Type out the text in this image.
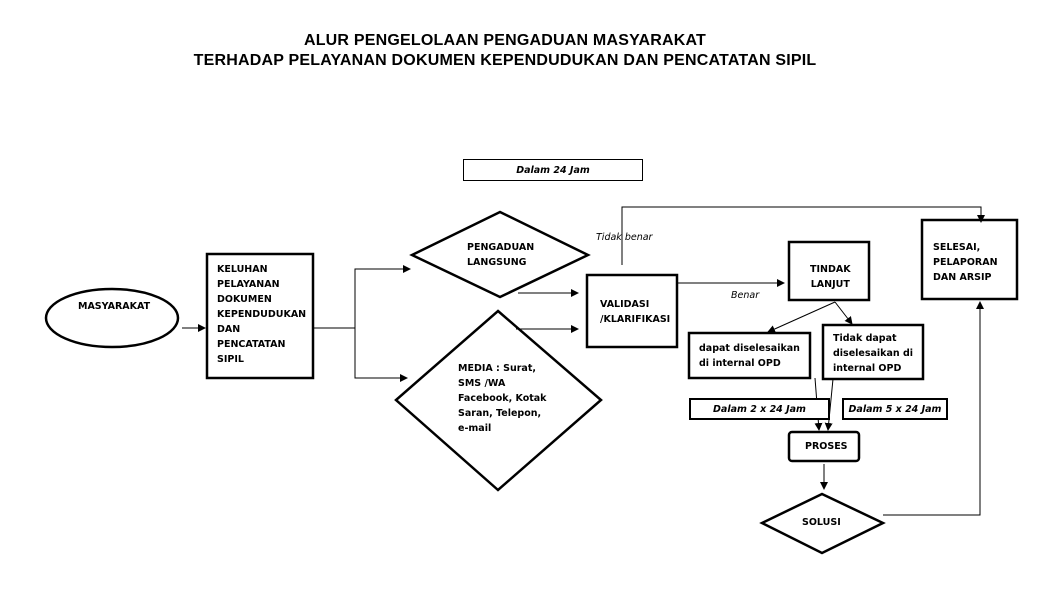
ALUR PENGELOLAAN PENGADUAN MASYARAKAT
TERHADAP PELAYANAN DOKUMEN KEPENDUDUKAN DAN PENCATATAN SIPIL
Dalam 24 Jam
Dalam 2 x 24 Jam	Dalam 5 x 24 Jam
MASYARAKAT
KELUHAN
PELAYANAN
DOKUMEN
KEPENDUDUKAN
DAN
PENCATATAN
SIPIL
PENGADUAN
LANGSUNG
MEDIA : Surat,
SMS /WA
Facebook, Kotak
Saran, Telepon,
e-mail
VALIDASI
/KLARIFIKASI
TINDAK
LANJUT
SELESAI,
PELAPORAN
DAN ARSIP
dapat diselesaikan
di internal OPD
Tidak dapat
diselesaikan di
internal OPD
PROSES
SOLUSI
Tidak benar
Benar
